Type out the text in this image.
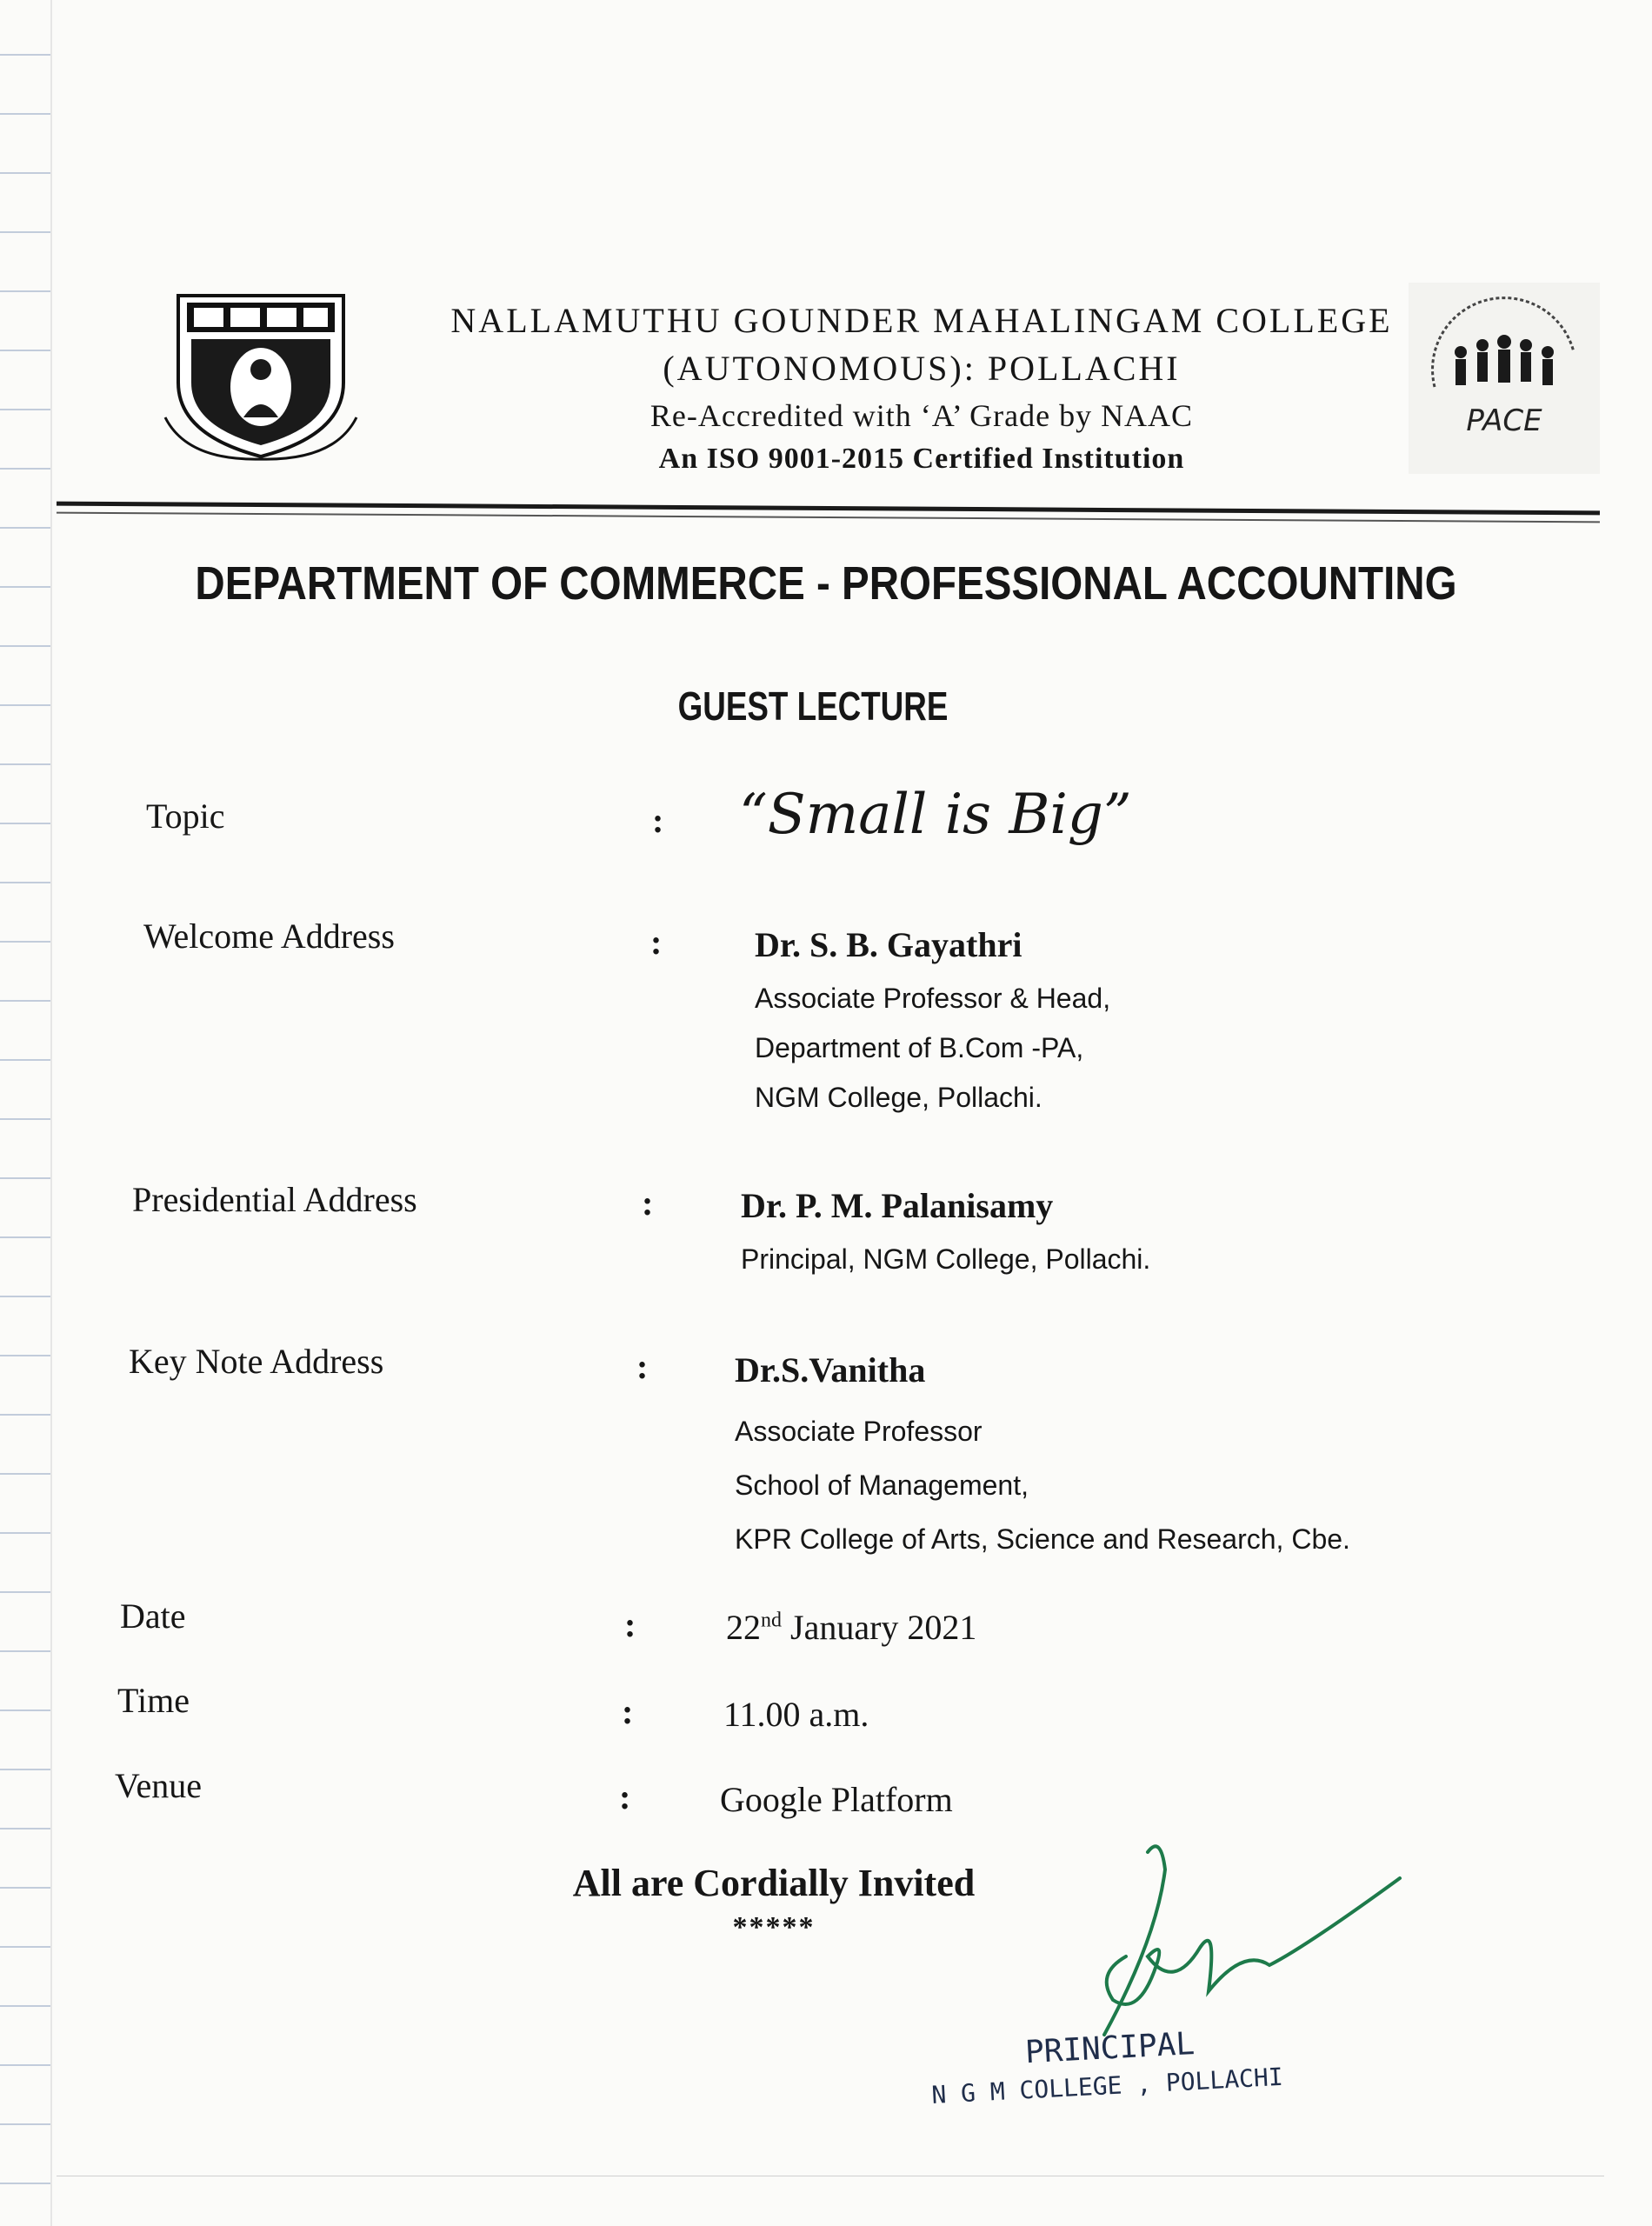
NALLAMUTHU GOUNDER MAHALINGAM COLLEGE
(AUTONOMOUS): POLLACHI
Re-Accredited with ‘A’ Grade by NAAC
An ISO 9001-2015 Certified Institution
PACE
DEPARTMENT OF COMMERCE - PROFESSIONAL ACCOUNTING
GUEST LECTURE
Topic	: “Small is Big”
Welcome Address	:	Dr. S. B. Gayathri
Associate Professor & Head,
Department of B.Com -PA,
NGM College, Pollachi.
Presidential Address	:	Dr. P. M. Palanisamy
Principal, NGM College, Pollachi.
Key Note Address	: Dr.S.Vanitha
Associate Professor
School of Management,
KPR College of Arts, Science and Research, Cbe.
Date	:	22nd January 2021
Time	:	11.00 a.m.
Venue	:	Google Platform
All are Cordially Invited
*****
PRINCIPAL
N G M COLLEGE , POLLACHI
